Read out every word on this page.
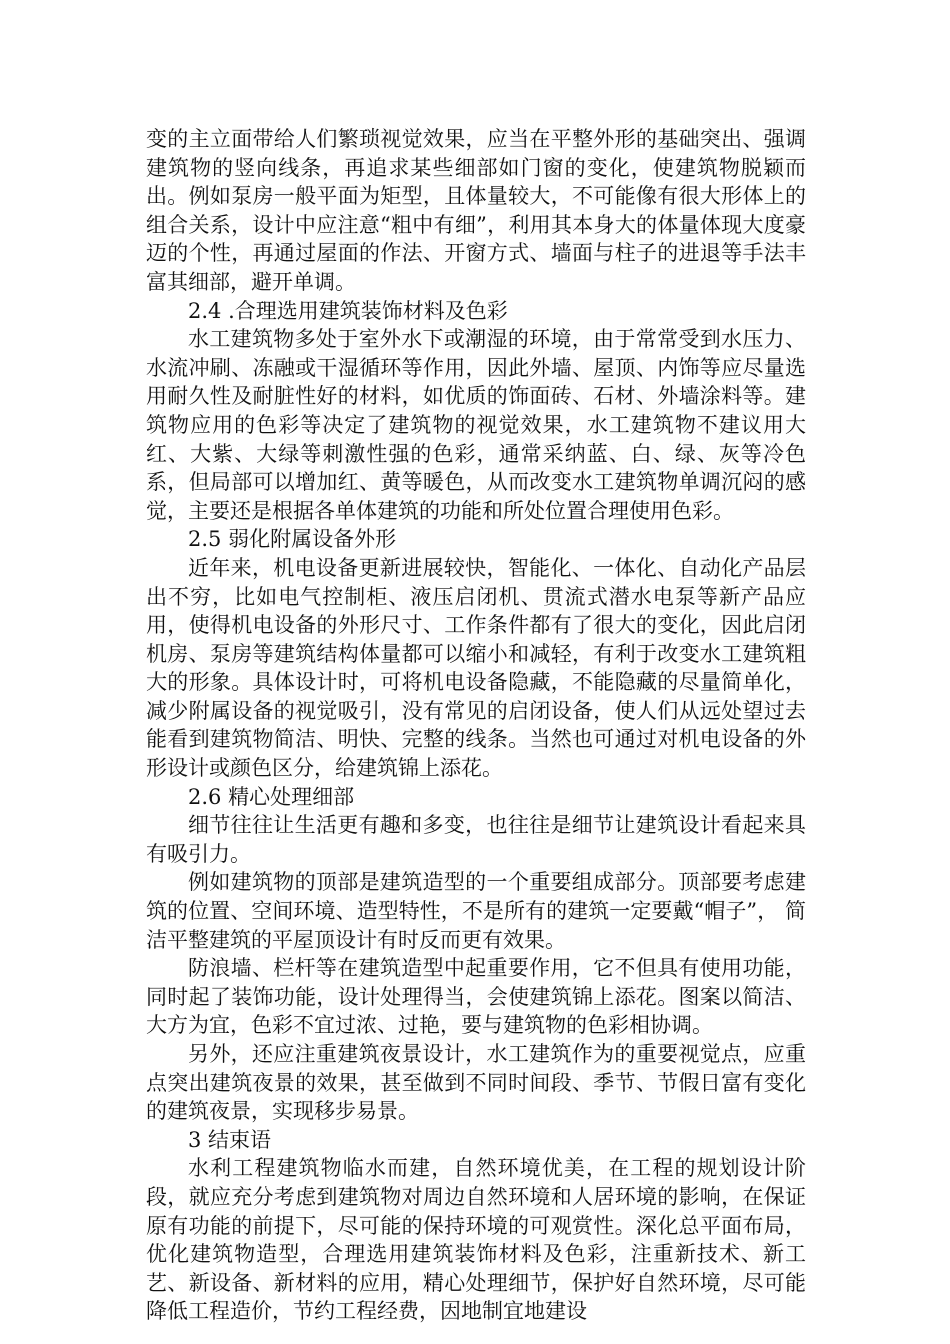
变的主立面带给人们繁琐视觉效果，应当在平整外形的基础突出、强调建筑物的竖向线条，再追求某些细部如门窗的变化，使建筑物脱颖而出。例如泵房一般平面为矩型，且体量较大，不可能像有很大形体上的组合关系，设计中应注意“粗中有细”，利用其本身大的体量体现大度豪迈的个性，再通过屋面的作法、开窗方式、墙面与柱子的进退等手法丰富其细部，避开单调。

2.4 .合理选用建筑装饰材料及色彩

水工建筑物多处于室外水下或潮湿的环境，由于常常受到水压力、水流冲刷、冻融或干湿循环等作用，因此外墙、屋顶、内饰等应尽量选用耐久性及耐脏性好的材料，如优质的饰面砖、石材、外墙涂料等。建筑物应用的色彩等决定了建筑物的视觉效果，水工建筑物不建议用大红、大紫、大绿等刺激性强的色彩，通常采纳蓝、白、绿、灰等冷色系，但局部可以增加红、黄等暖色，从而改变水工建筑物单调沉闷的感觉，主要还是根据各单体建筑的功能和所处位置合理使用色彩。

2.5 弱化附属设备外形

近年来，机电设备更新进展较快，智能化、一体化、自动化产品层出不穷，比如电气控制柜、液压启闭机、贯流式潜水电泵等新产品应用，使得机电设备的外形尺寸、工作条件都有了很大的变化，因此启闭机房、泵房等建筑结构体量都可以缩小和减轻，有利于改变水工建筑粗大的形象。具体设计时，可将机电设备隐藏，不能隐藏的尽量简单化，减少附属设备的视觉吸引，没有常见的启闭设备，使人们从远处望过去能看到建筑物简洁、明快、完整的线条。当然也可通过对机电设备的外形设计或颜色区分，给建筑锦上添花。

2.6 精心处理细部

细节往往让生活更有趣和多变，也往往是细节让建筑设计看起来具有吸引力。

例如建筑物的顶部是建筑造型的一个重要组成部分。顶部要考虑建筑的位置、空间环境、造型特性，不是所有的建筑一定要戴“帽子”， 简洁平整建筑的平屋顶设计有时反而更有效果。

防浪墙、栏杆等在建筑造型中起重要作用，它不但具有使用功能，同时起了装饰功能，设计处理得当，会使建筑锦上添花。图案以简洁、大方为宜，色彩不宜过浓、过艳，要与建筑物的色彩相协调。

另外，还应注重建筑夜景设计，水工建筑作为的重要视觉点，应重点突出建筑夜景的效果，甚至做到不同时间段、季节、节假日富有变化的建筑夜景，实现移步易景。

3 结束语

水利工程建筑物临水而建，自然环境优美，在工程的规划设计阶段，就应充分考虑到建筑物对周边自然环境和人居环境的影响，在保证原有功能的前提下，尽可能的保持环境的可观赏性。深化总平面布局，优化建筑物造型，合理选用建筑装饰材料及色彩，注重新技术、新工艺、新设备、新材料的应用，精心处理细节，保护好自然环境，尽可能降低工程造价，节约工程经费，因地制宜地建设
